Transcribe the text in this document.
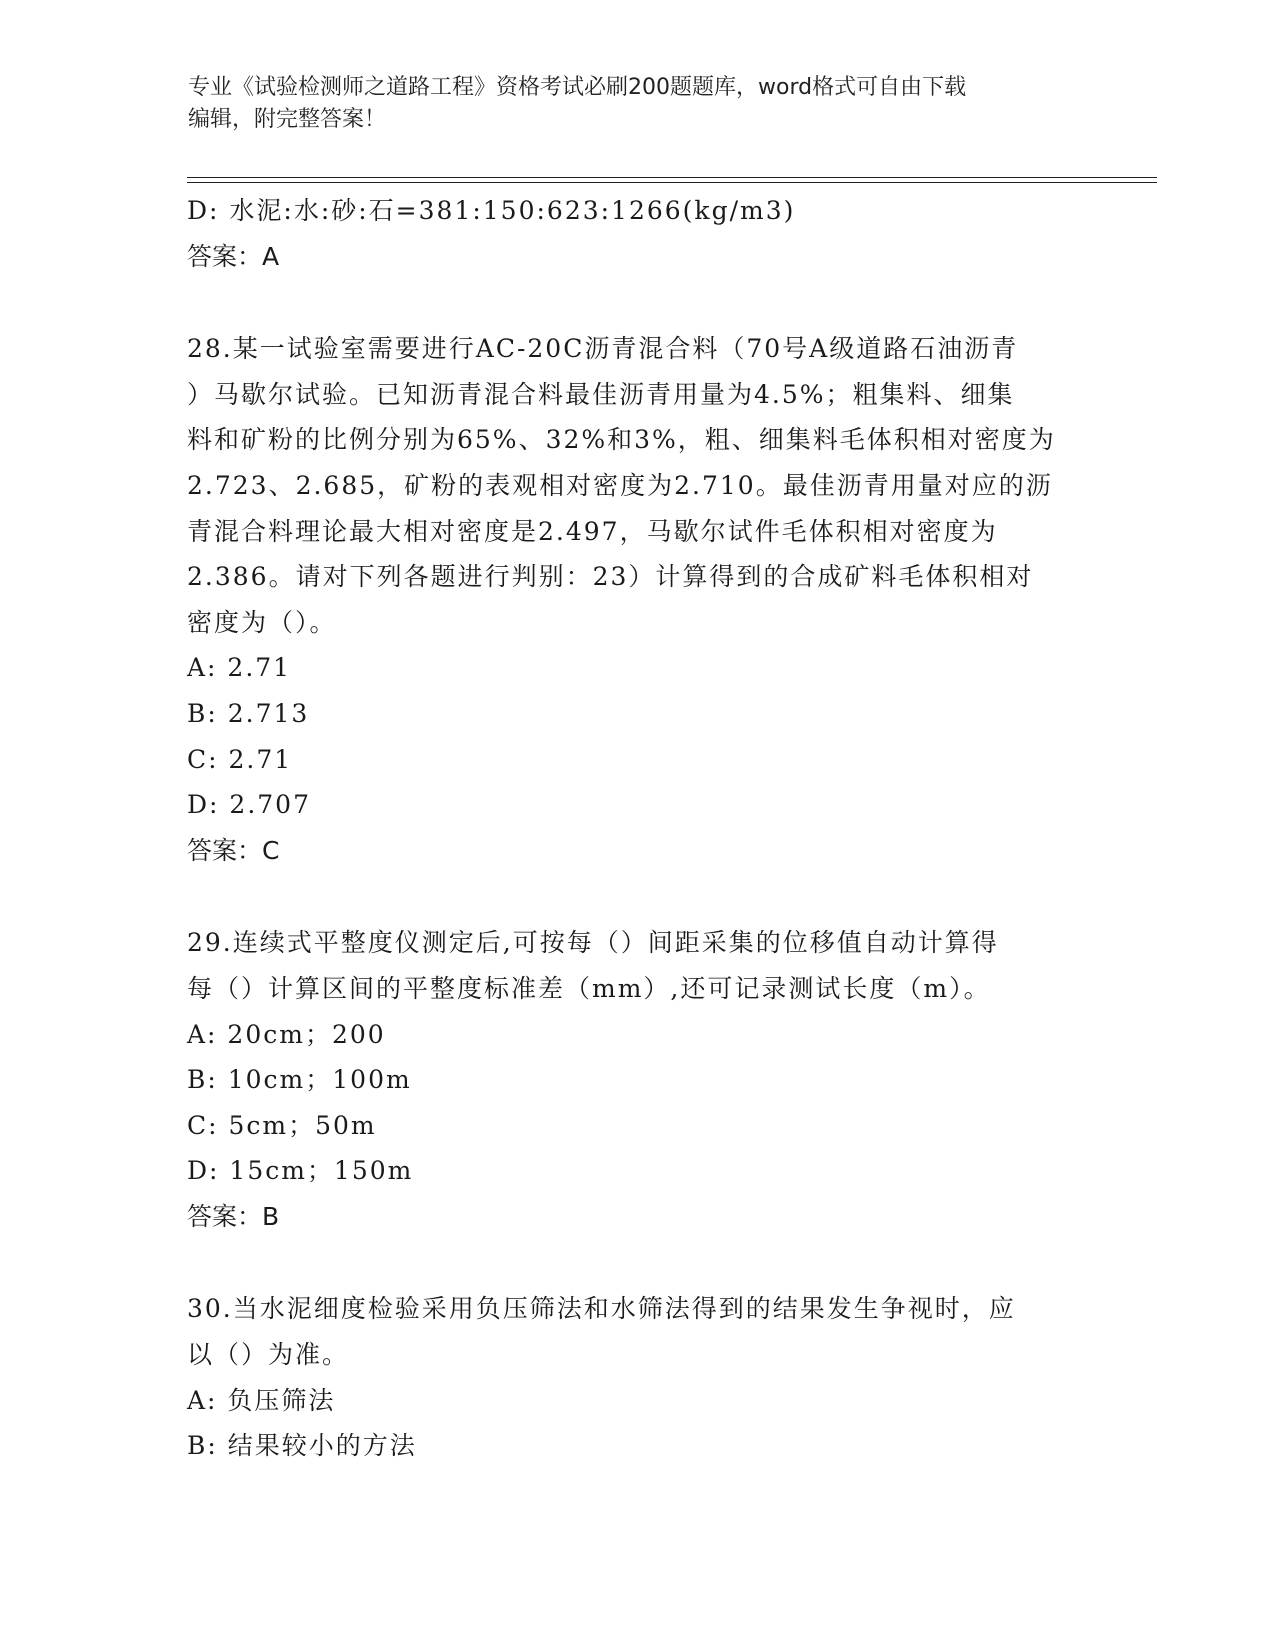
专业《试验检测师之道路工程》资格考试必刷200题题库，word格式可自由下载
编辑，附完整答案！
D: 水泥:水:砂:石=381:150:623:1266(kg/m3)
答案：A
28.某一试验室需要进行AC-20C沥青混合料（70号A级道路石油沥青
）马歇尔试验。已知沥青混合料最佳沥青用量为4.5%；粗集料、细集
料和矿粉的比例分别为65%、32%和3%，粗、细集料毛体积相对密度为
2.723、2.685，矿粉的表观相对密度为2.710。最佳沥青用量对应的沥
青混合料理论最大相对密度是2.497，马歇尔试件毛体积相对密度为
2.386。请对下列各题进行判别：23）计算得到的合成矿料毛体积相对
密度为（）。
A: 2.71
B: 2.713
C: 2.71
D: 2.707
答案：C
29.连续式平整度仪测定后,可按每（）间距采集的位移值自动计算得
每（）计算区间的平整度标准差（mm）,还可记录测试长度（m）。
A: 20cm；200
B: 10cm；100m
C: 5cm；50m
D: 15cm；150m
答案：B
30.当水泥细度检验采用负压筛法和水筛法得到的结果发生争视时，应
以（）为准。
A: 负压筛法
B: 结果较小的方法
